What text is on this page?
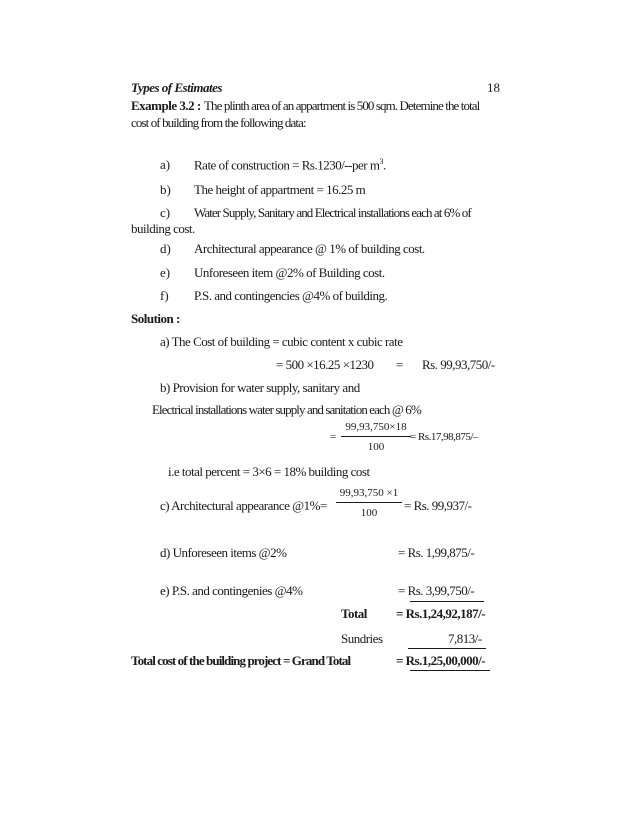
Types of Estimates	18
Example 3.2 : The plinth area of an appartment is 500 sqm. Detemine the total
cost of building from the following data:
a) Rate of construction = Rs.1230/--per $m^3$.
b) The height of appartment = 16.25 m
c) Water Supply, Sanitary and Electrical installations each at 6% of
building cost.
d) Architectural appearance @ 1% of building cost.
e) Unforeseen item @2% of Building cost.
f) P.S. and contingencies @4% of building.
Solution :
a) The Cost of building = cubic content x cubic rate
= 500 ×16.25 ×1230 = Rs. 99,93,750/-
b) Provision for water supply, sanitary and
Electrical installations water supply and sanitation each @ 6%
=
99,93,750×18
100
= Rs.17,98,875/–
i.e total percent = 3×6 = 18% building cost
c) Architectural appearance @1%=
99,93,750 ×1
100	= Rs. 99,937/-
d) Unforeseen items @2%	= Rs. 1,99,875/-
e) P.S. and contingenies @4%	= Rs. 3,99,750/-
Total = Rs.1,24,92,187/-
Sundries	7,813/-
Total cost of the building project = Grand Total	= Rs.1,25,00,000/-
